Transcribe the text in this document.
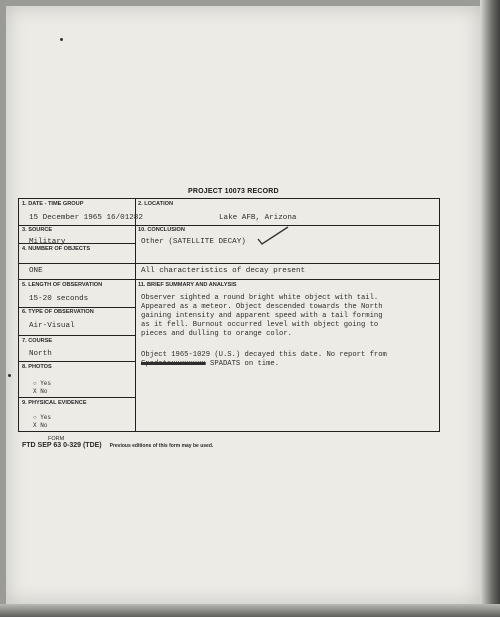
PROJECT 10073 RECORD
1. DATE - TIME GROUP
15 December 1965 16/01282
2. LOCATION
Lake AFB, Arizona
3. SOURCE
Military
10. CONCLUSION
Other (SATELLITE DECAY)
4. NUMBER OF OBJECTS
ONE	All characteristics of decay present
5. LENGTH OF OBSERVATION
15-20 seconds
11. BRIEF SUMMARY AND ANALYSIS
6. TYPE OF OBSERVATION
Air-Visual
7. COURSE
North
8. PHOTOS
○ Yes
X No
9. PHYSICAL EVIDENCE
○ Yes
X No
Observer sighted a round bright white object with tail.
Appeared as a meteor. Object descended towards the North
gaining intensity and apparent speed with a tail forming
as it fell. Burnout occurred level with object going to
pieces and dulling to orange color.
Object 1965-1029 (U.S.) decayed this date. No report from
Spadatsxxxxxxxx SPADATS on time.
FORM
FTD SEP 63 0-329 (TDE) Previous editions of this form may be used.
